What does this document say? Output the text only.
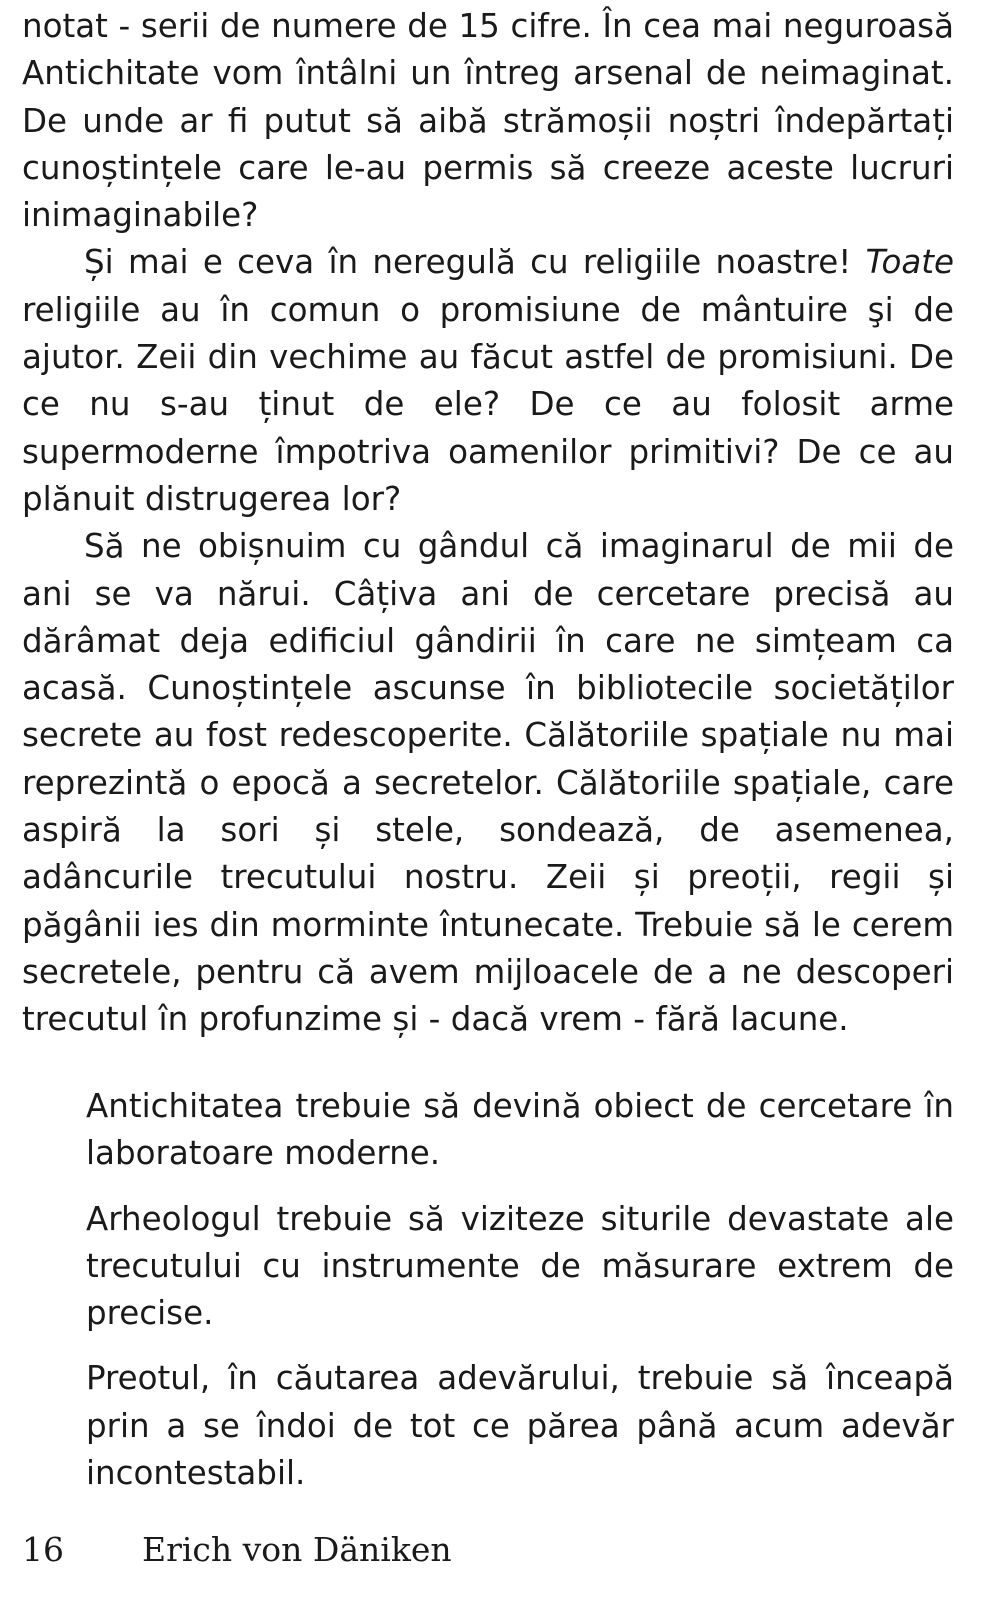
notat - serii de numere de 15 cifre. În cea mai neguroasă Antichitate vom întâlni un întreg arsenal de neimaginat. De unde ar fi putut să aibă strămoșii noștri îndepărtați cunoștințele care le-au permis să creeze aceste lucruri inimaginabile?

Și mai e ceva în neregulă cu religiile noastre! Toate religiile au în comun o promisiune de mântuire şi de ajutor. Zeii din vechime au făcut astfel de promisiuni. De ce nu s-au ținut de ele? De ce au folosit arme supermoderne împotriva oamenilor primitivi? De ce au plănuit distrugerea lor?

Să ne obișnuim cu gândul că imaginarul de mii de ani se va nărui. Câțiva ani de cercetare precisă au dărâmat deja edificiul gândirii în care ne simțeam ca acasă. Cunoștințele ascunse în bibliotecile societăților secrete au fost redescoperite. Călătoriile spațiale nu mai reprezintă o epocă a secretelor. Călătoriile spațiale, care aspiră la sori și stele, sondează, de asemenea, adâncurile trecutului nostru. Zeii și preoții, regii și păgânii ies din morminte întunecate. Trebuie să le cerem secretele, pentru că avem mijloacele de a ne descoperi trecutul în profunzime și - dacă vrem - fără lacune.

Antichitatea trebuie să devină obiect de cercetare în laboratoare moderne.

Arheologul trebuie să viziteze siturile devastate ale trecutului cu instrumente de măsurare extrem de precise.

Preotul, în căutarea adevărului, trebuie să înceapă prin a se îndoi de tot ce părea până acum adevăr incontestabil.

16 Erich von Däniken
